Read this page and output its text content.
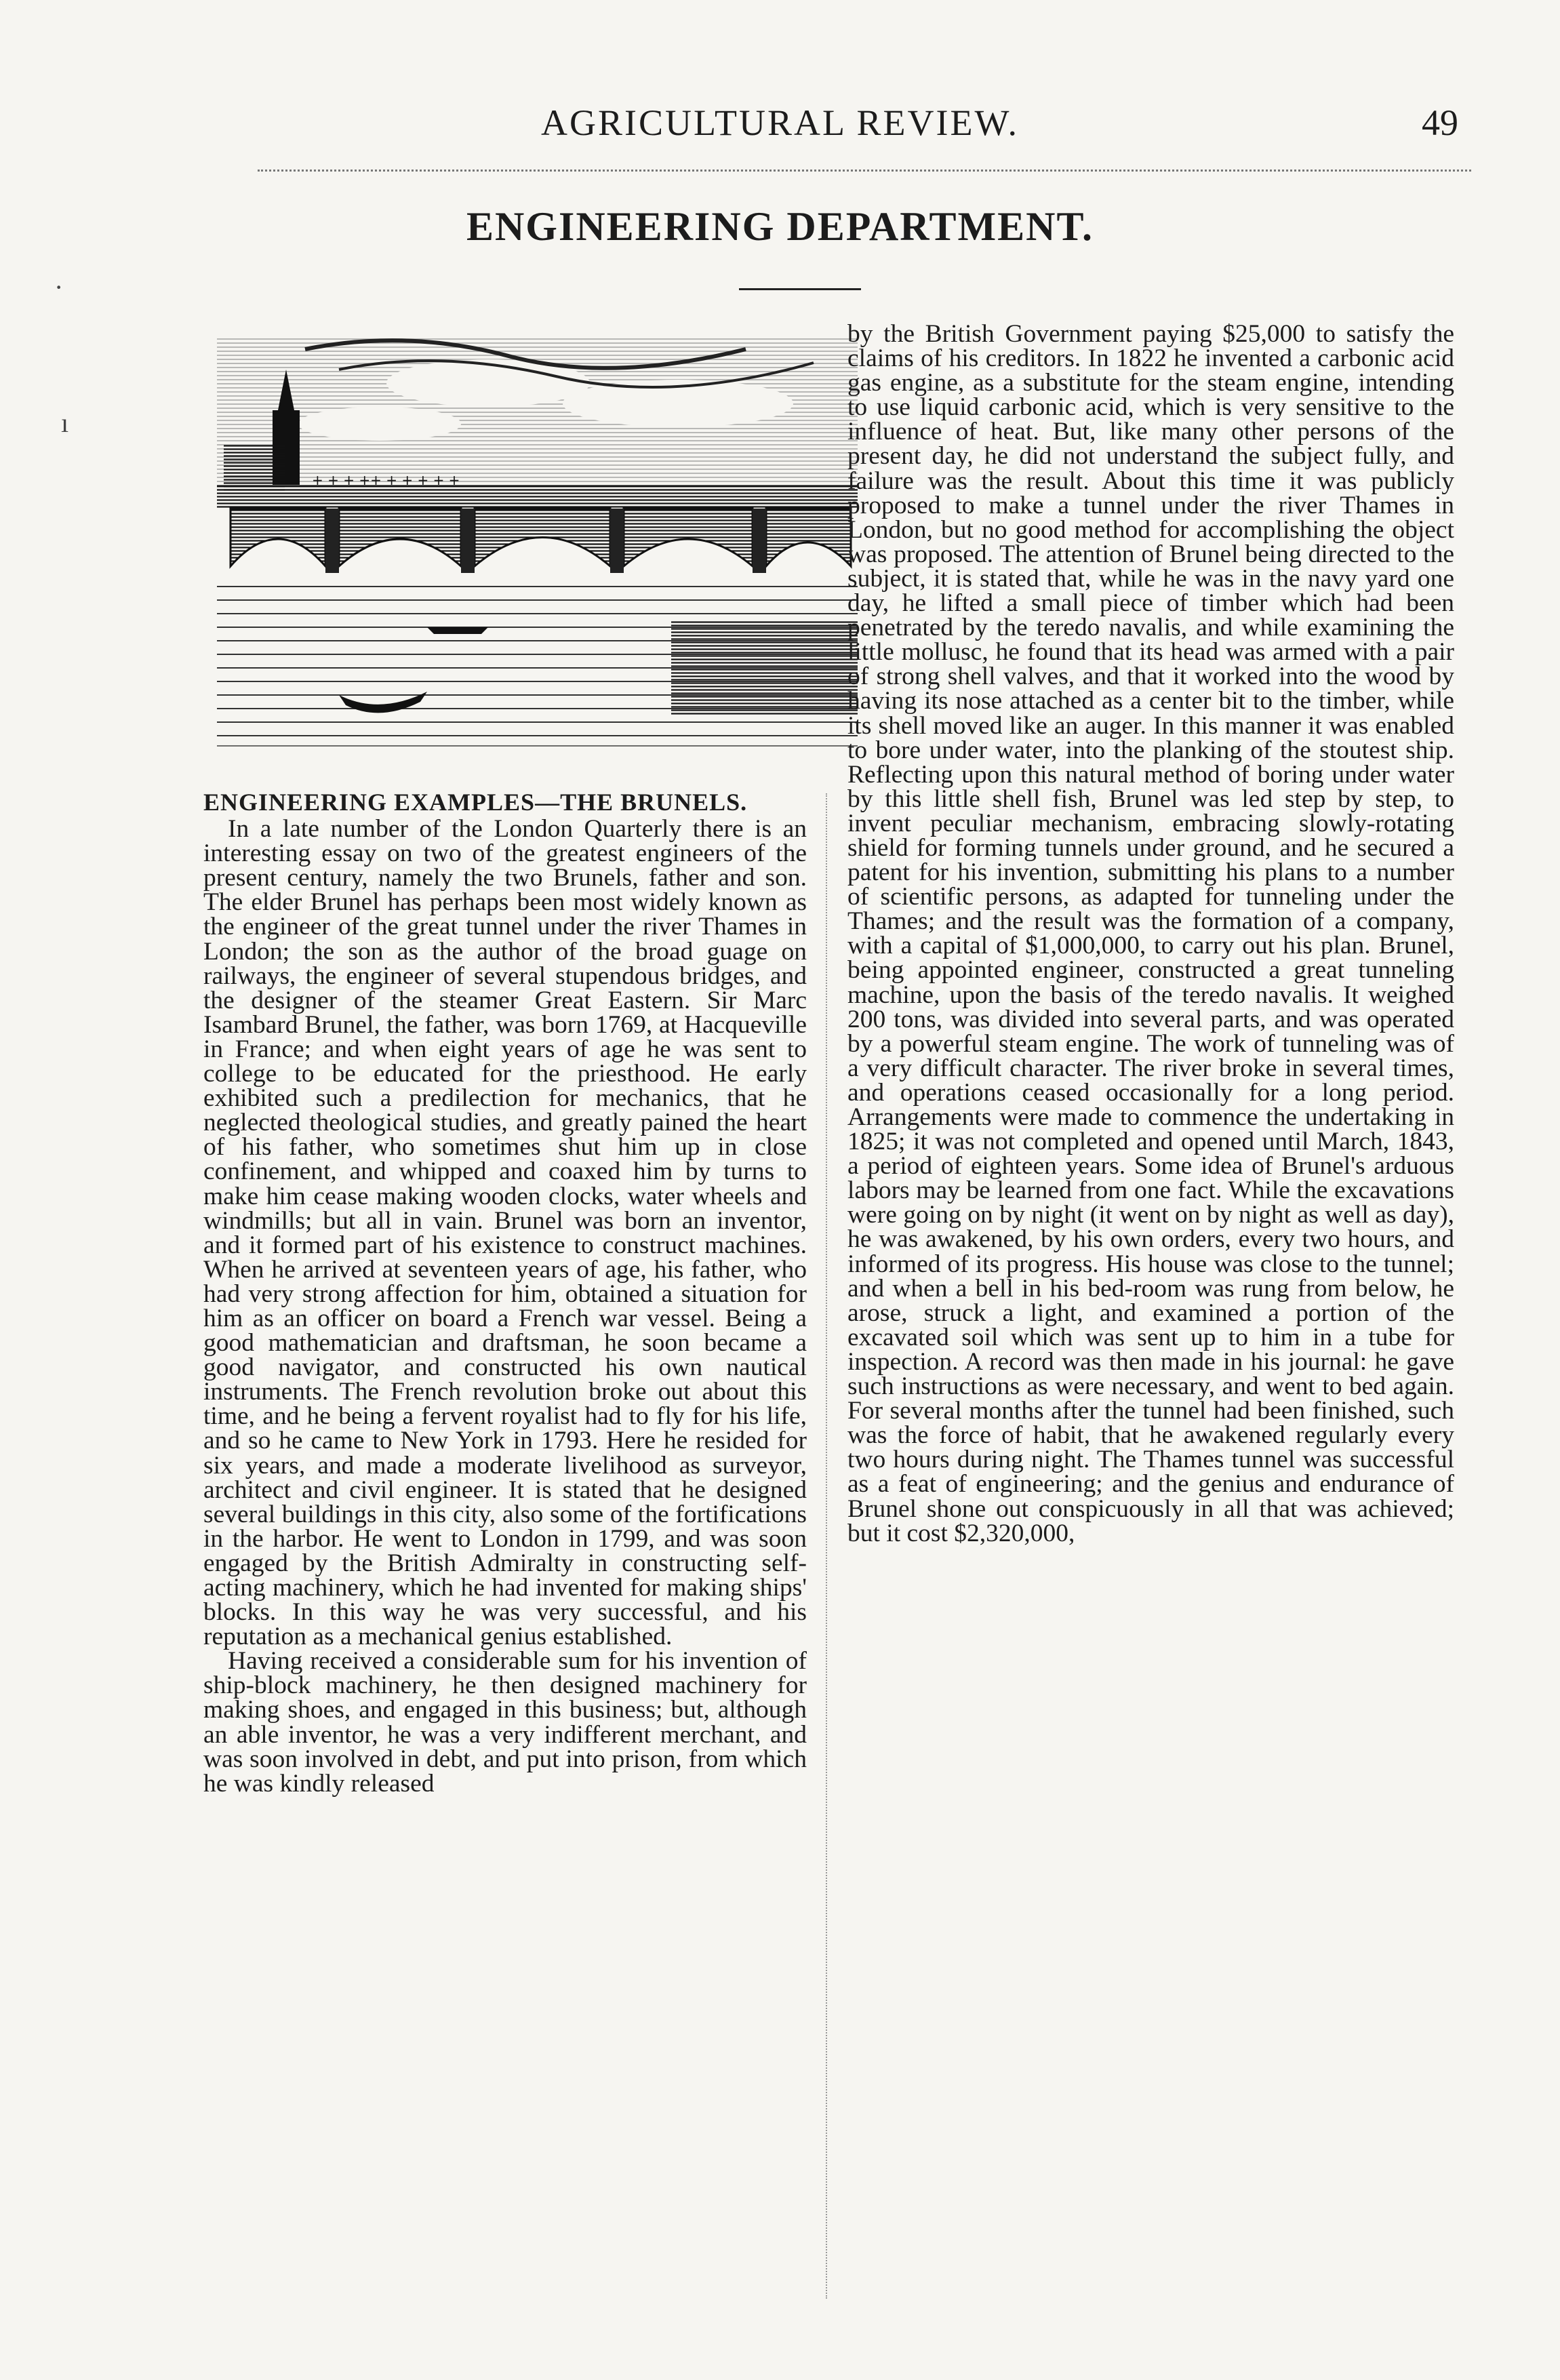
AGRICULTURAL REVIEW.	49
ENGINEERING DEPARTMENT.
+ + + ++ + + + + +
ENGINEERING EXAMPLES—THE BRUNELS.

In a late number of the London Quarterly there is an interesting essay on two of the greatest engineers of the present century, namely the two Brunels, father and son. The elder Brunel has perhaps been most widely known as the engineer of the great tunnel under the river Thames in London; the son as the author of the broad guage on railways, the engineer of several stupendous bridges, and the designer of the steamer Great Eastern. Sir Marc Isambard Brunel, the father, was born 1769, at Hacqueville in France; and when eight years of age he was sent to college to be educated for the priesthood. He early exhibited such a predilection for mechanics, that he neglected theological studies, and greatly pained the heart of his father, who sometimes shut him up in close confinement, and whipped and coaxed him by turns to make him cease making wooden clocks, water wheels and windmills; but all in vain. Brunel was born an inventor, and it formed part of his existence to construct machines. When he arrived at seventeen years of age, his father, who had very strong affection for him, obtained a situation for him as an officer on board a French war vessel. Being a good mathematician and draftsman, he soon became a good navigator, and constructed his own nautical instruments. The French revolution broke out about this time, and he being a fervent royalist had to fly for his life, and so he came to New York in 1793. Here he resided for six years, and made a moderate livelihood as surveyor, architect and civil engineer. It is stated that he designed several buildings in this city, also some of the fortifications in the harbor. He went to London in 1799, and was soon engaged by the British Admiralty in constructing self-acting machinery, which he had invented for making ships' blocks. In this way he was very successful, and his reputation as a mechanical genius established.

Having received a considerable sum for his invention of ship-block machinery, he then designed machinery for making shoes, and engaged in this business; but, although an able inventor, he was a very indifferent merchant, and was soon involved in debt, and put into prison, from which he was kindly released

by the British Government paying $25,000 to satisfy the claims of his creditors. In 1822 he invented a carbonic acid gas engine, as a substitute for the steam engine, intending to use liquid carbonic acid, which is very sensitive to the influence of heat. But, like many other persons of the present day, he did not understand the subject fully, and failure was the result. About this time it was publicly proposed to make a tunnel under the river Thames in London, but no good method for accomplishing the object was proposed. The attention of Brunel being directed to the subject, it is stated that, while he was in the navy yard one day, he lifted a small piece of timber which had been penetrated by the teredo navalis, and while examining the little mollusc, he found that its head was armed with a pair of strong shell valves, and that it worked into the wood by having its nose attached as a center bit to the timber, while its shell moved like an auger. In this manner it was enabled to bore under water, into the planking of the stoutest ship. Reflecting upon this natural method of boring under water by this little shell fish, Brunel was led step by step, to invent peculiar mechanism, embracing slowly-rotating shield for forming tunnels under ground, and he secured a patent for his invention, submitting his plans to a number of scientific persons, as adapted for tunneling under the Thames; and the result was the formation of a company, with a capital of $1,000,000, to carry out his plan. Brunel, being appointed engineer, constructed a great tunneling machine, upon the basis of the teredo navalis. It weighed 200 tons, was divided into several parts, and was operated by a powerful steam engine. The work of tunneling was of a very difficult character. The river broke in several times, and operations ceased occasionally for a long period. Arrangements were made to commence the undertaking in 1825; it was not completed and opened until March, 1843, a period of eighteen years. Some idea of Brunel's arduous labors may be learned from one fact. While the excavations were going on by night (it went on by night as well as day), he was awakened, by his own orders, every two hours, and informed of its progress. His house was close to the tunnel; and when a bell in his bed-room was rung from below, he arose, struck a light, and examined a portion of the excavated soil which was sent up to him in a tube for inspection. A record was then made in his journal: he gave such instructions as were necessary, and went to bed again. For several months after the tunnel had been finished, such was the force of habit, that he awakened regularly every two hours during night. The Thames tunnel was successful as a feat of engineering; and the genius and endurance of Brunel shone out conspicuously in all that was achieved; but it cost $2,320,000,

·
ı
